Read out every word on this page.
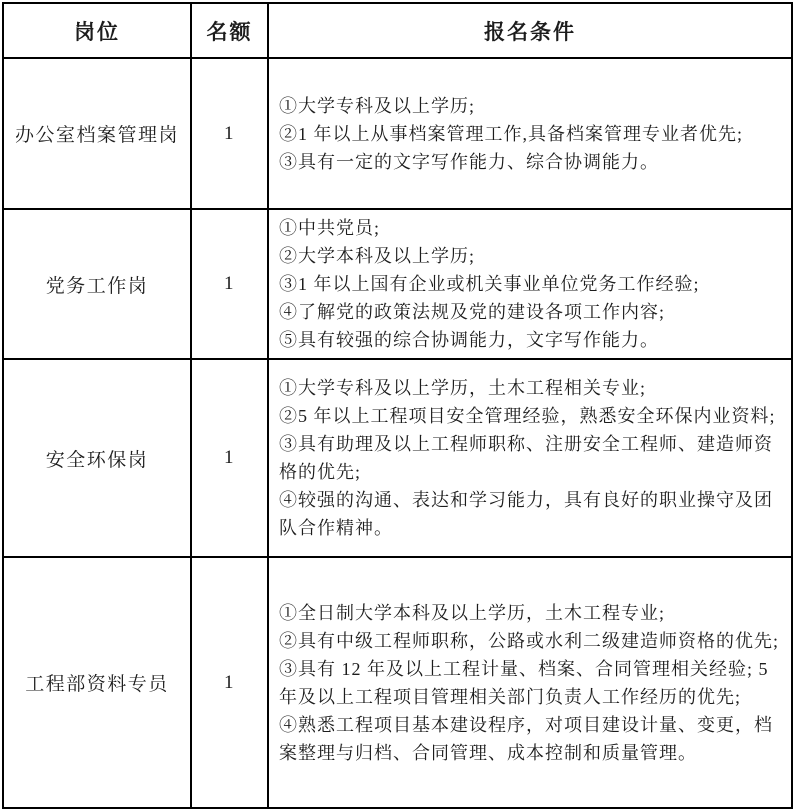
岗位	名额	报名条件
办公室档案管理岗	1	①大学专科及以上学历;
②1 年以上从事档案管理工作,具备档案管理专业者优先;
③具有一定的文字写作能力、综合协调能力。

党务工作岗	1	①中共党员;
②大学本科及以上学历;
③1 年以上国有企业或机关事业单位党务工作经验;
④了解党的政策法规及党的建设各项工作内容;
⑤具有较强的综合协调能力，文字写作能力。

安全环保岗	1	①大学专科及以上学历，土木工程相关专业;
②5 年以上工程项目安全管理经验，熟悉安全环保内业资料;
③具有助理及以上工程师职称、注册安全工程师、建造师资格的优先;
④较强的沟通、表达和学习能力，具有良好的职业操守及团队合作精神。

工程部资料专员	1	①全日制大学本科及以上学历，土木工程专业;
②具有中级工程师职称，公路或水利二级建造师资格的优先;
③具有 12 年及以上工程计量、档案、合同管理相关经验; 5 年及以上工程项目管理相关部门负责人工作经历的优先;
④熟悉工程项目基本建设程序，对项目建设计量、变更，档案整理与归档、合同管理、成本控制和质量管理。
